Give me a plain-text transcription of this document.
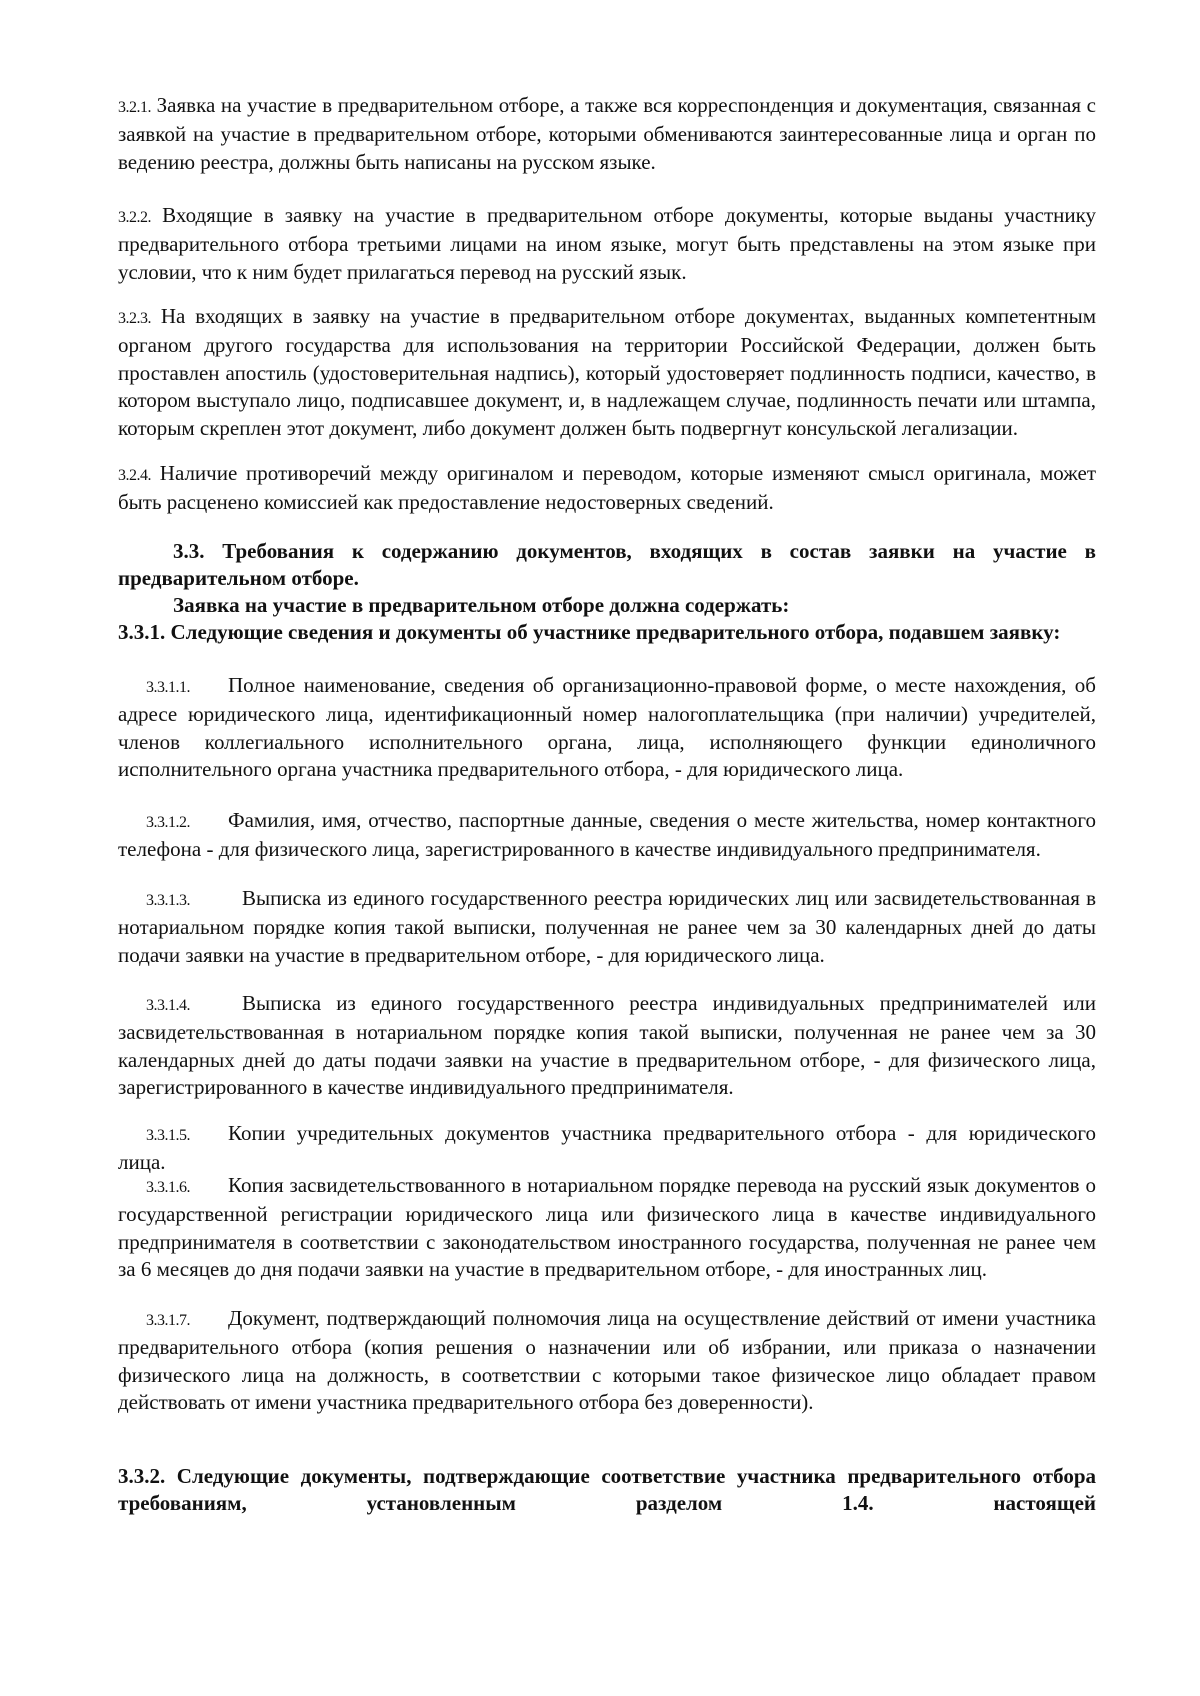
3.2.1. Заявка на участие в предварительном отборе, а также вся корреспонденция и документация, связанная с заявкой на участие в предварительном отборе, которыми обмениваются заинтересованные лица и орган по ведению реестра, должны быть написаны на русском языке.

3.2.2. Входящие в заявку на участие в предварительном отборе документы, которые выданы участнику предварительного отбора третьими лицами на ином языке, могут быть представлены на этом языке при условии, что к ним будет прилагаться перевод на русский язык.

3.2.3. На входящих в заявку на участие в предварительном отборе документах, выданных компетентным органом другого государства для использования на территории Российской Федерации, должен быть проставлен апостиль (удостоверительная надпись), который удостоверяет подлинность подписи, качество, в котором выступало лицо, подписавшее документ, и, в надлежащем случае, подлинность печати или штампа, которым скреплен этот документ, либо документ должен быть подвергнут консульской легализации.

3.2.4. Наличие противоречий между оригиналом и переводом, которые изменяют смысл оригинала, может быть расценено комиссией как предоставление недостоверных сведений.

3.3. Требования к содержанию документов, входящих в состав заявки на участие в предварительном отборе.

Заявка на участие в предварительном отборе должна содержать:

3.3.1. Следующие сведения и документы об участнике предварительного отбора, подавшем заявку:

3.3.1.1. Полное наименование, сведения об организационно-правовой форме, о месте нахождения, об адресе юридического лица, идентификационный номер налогоплательщика (при наличии) учредителей, членов коллегиального исполнительного органа, лица, исполняющего функции единоличного исполнительного органа участника предварительного отбора, - для юридического лица.

3.3.1.2. Фамилия, имя, отчество, паспортные данные, сведения о месте жительства, номер контактного телефона - для физического лица, зарегистрированного в качестве индивидуального предпринимателя.

3.3.1.3. Выписка из единого государственного реестра юридических лиц или засвидетельствованная в нотариальном порядке копия такой выписки, полученная не ранее чем за 30 календарных дней до даты подачи заявки на участие в предварительном отборе, - для юридического лица.

3.3.1.4. Выписка из единого государственного реестра индивидуальных предпринимателей или засвидетельствованная в нотариальном порядке копия такой выписки, полученная не ранее чем за 30 календарных дней до даты подачи заявки на участие в предварительном отборе, - для физического лица, зарегистрированного в качестве индивидуального предпринимателя.

3.3.1.5. Копии учредительных документов участника предварительного отбора - для юридического лица.

3.3.1.6. Копия засвидетельствованного в нотариальном порядке перевода на русский язык документов о государственной регистрации юридического лица или физического лица в качестве индивидуального предпринимателя в соответствии с законодательством иностранного государства, полученная не ранее чем за 6 месяцев до дня подачи заявки на участие в предварительном отборе, - для иностранных лиц.

3.3.1.7. Документ, подтверждающий полномочия лица на осуществление действий от имени участника предварительного отбора (копия решения о назначении или об избрании, или приказа о назначении физического лица на должность, в соответствии с которыми такое физическое лицо обладает правом действовать от имени участника предварительного отбора без доверенности).

3.3.2. Следующие документы, подтверждающие соответствие участника предварительного отбора требованиям, установленным разделом 1.4. настоящей
